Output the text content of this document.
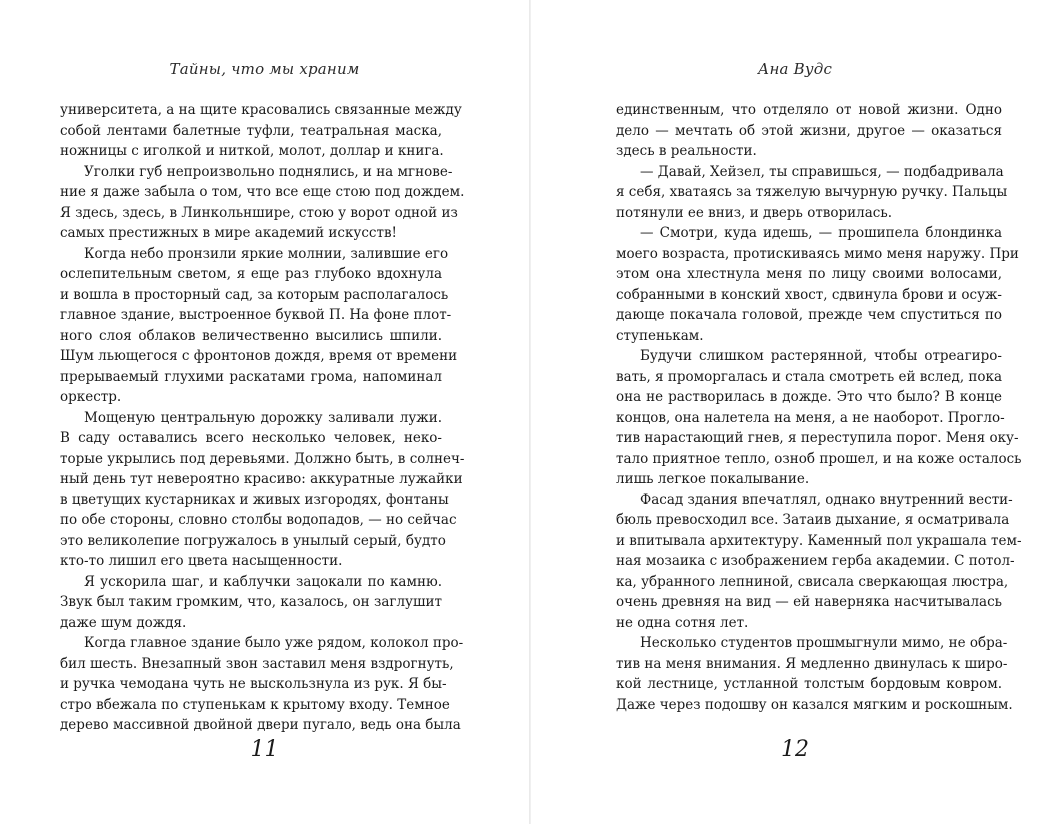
Тайны, что мы храним
университета, а на щите красовались связанные между
собой лентами балетные туфли, театральная маска,
ножницы с иголкой и ниткой, молот, доллар и книга.
Уголки губ непроизвольно поднялись, и на мгнове-
ние я даже забыла о том, что все еще стою под дождем.
Я здесь, здесь, в Линкольншире, стою у ворот одной из
самых престижных в мире академий искусств!
Когда небо пронзили яркие молнии, залившие его
ослепительным светом, я еще раз глубоко вдохнула
и вошла в просторный сад, за которым располагалось
главное здание, выстроенное буквой П. На фоне плот-
ного слоя облаков величественно высились шпили.
Шум льющегося с фронтонов дождя, время от времени
прерываемый глухими раскатами грома, напоминал
оркестр.
Мощеную центральную дорожку заливали лужи.
В саду оставались всего несколько человек, неко-
торые укрылись под деревьями. Должно быть, в солнеч-
ный день тут невероятно красиво: аккуратные лужайки
в цветущих кустарниках и живых изгородях, фонтаны
по обе стороны, словно столбы водопадов, — но сейчас
это великолепие погружалось в унылый серый, будто
кто-то лишил его цвета насыщенности.
Я ускорила шаг, и каблучки зацокали по камню.
Звук был таким громким, что, казалось, он заглушит
даже шум дождя.
Когда главное здание было уже рядом, колокол про-
бил шесть. Внезапный звон заставил меня вздрогнуть,
и ручка чемодана чуть не выскользнула из рук. Я бы-
стро вбежала по ступенькам к крытому входу. Темное
дерево массивной двойной двери пугало, ведь она была
11
Ана Вудс
12
единственным, что отделяло от новой жизни. Одно
дело — мечтать об этой жизни, другое — оказаться
здесь в реальности.
— Давай, Хейзел, ты справишься, — подбадривала
я себя, хватаясь за тяжелую вычурную ручку. Пальцы
потянули ее вниз, и дверь отворилась.
— Смотри, куда идешь, — прошипела блондинка
моего возраста, протискиваясь мимо меня наружу. При
этом она хлестнула меня по лицу своими волосами,
собранными в конский хвост, сдвинула брови и осуж-
дающе покачала головой, прежде чем спуститься по
ступенькам.
Будучи слишком растерянной, чтобы отреагиро-
вать, я проморгалась и стала смотреть ей вслед, пока
она не растворилась в дожде. Это что было? В конце
концов, она налетела на меня, а не наоборот. Прогло-
тив нарастающий гнев, я переступила порог. Меня оку-
тало приятное тепло, озноб прошел, и на коже осталось
лишь легкое покалывание.
Фасад здания впечатлял, однако внутренний вести-
бюль превосходил все. Затаив дыхание, я осматривала
и впитывала архитектуру. Каменный пол украшала тем-
ная мозаика с изображением герба академии. С потол-
ка, убранного лепниной, свисала сверкающая люстра,
очень древняя на вид — ей наверняка насчитывалась
не одна сотня лет.
Несколько студентов прошмыгнули мимо, не обра-
тив на меня внимания. Я медленно двинулась к широ-
кой лестнице, устланной толстым бордовым ковром.
Даже через подошву он казался мягким и роскошным.
